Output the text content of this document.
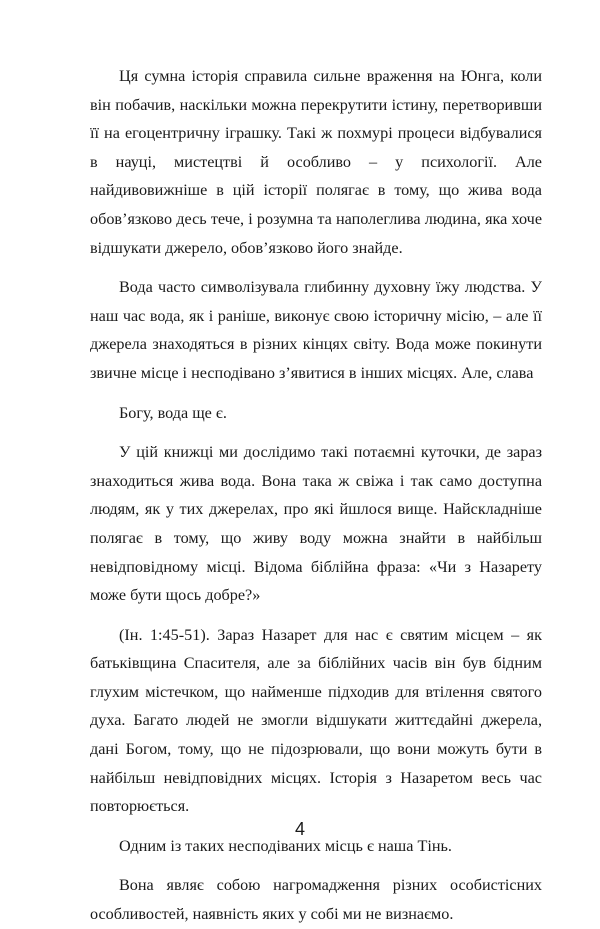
Ця сумна історія справила сильне враження на Юнга, коли він побачив, наскільки можна перекрутити істину, перетворивши її на егоцентричну іграшку. Такі ж похмурі процеси відбувалися в науці, мистецтві й особливо – у психології. Але найдивовижніше в цій історії полягає в тому, що жива вода обов’язково десь тече, і розумна та наполеглива людина, яка хоче відшукати джерело, обов’язково його знайде.

Вода часто символізувала глибинну духовну їжу людства. У наш час вода, як і раніше, виконує свою історичну місію, – але її джерела знаходяться в різних кінцях світу. Вода може покинути звичне місце і несподівано з’явитися в інших місцях. Але, слава

Богу, вода ще є.

У цій книжці ми дослідимо такі потаємні куточки, де зараз знаходиться жива вода. Вона така ж свіжа і так само доступна людям, як у тих джерелах, про які йшлося вище. Найскладніше полягає в тому, що живу воду можна знайти в найбільш невідповідному місці. Відома біблійна фраза: «Чи з Назарету може бути щось добре?»

(Ін. 1:45-51). Зараз Назарет для нас є святим місцем – як батьківщина Спасителя, але за біблійних часів він був бідним глухим містечком, що найменше підходив для втілення святого духа. Багато людей не змогли відшукати життєдайні джерела, дані Богом, тому, що не підозрювали, що вони можуть бути в найбільш невідповідних місцях. Історія з Назаретом весь час повторюється.

Одним із таких несподіваних місць є наша Тінь.

Вона являє собою нагромадження різних особистісних особливостей, наявність яких у собі ми не визнаємо.

4
